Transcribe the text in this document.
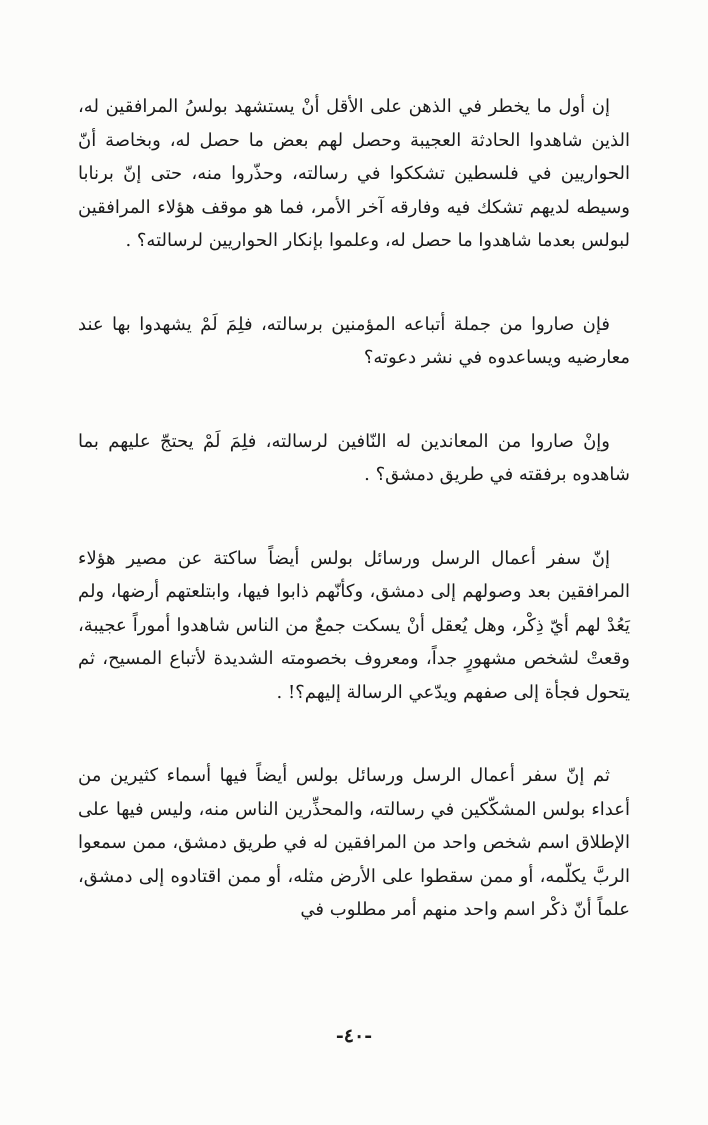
إن أول ما يخطر في الذهن على الأقل أنْ يستشهد بولسُ المرافقين له، الذين شاهدوا الحادثة العجيبة وحصل لهم بعض ما حصل له، وبخاصة أنّ الحواريين في فلسطين تشككوا في رسالته، وحذّروا منه، حتى إنّ برنابا وسيطه لديهم تشكك فيه وفارقه آخر الأمر، فما هو موقف هؤلاء المرافقين لبولس بعدما شاهدوا ما حصل له، وعلموا بإنكار الحواريين لرسالته؟ .

فإن صاروا من جملة أتباعه المؤمنين برسالته، فلِمَ لَمْ يشهدوا بها عند معارضيه ويساعدوه في نشر دعوته؟

وإنْ صاروا من المعاندين له النّافين لرسالته، فلِمَ لَمْ يحتجّ عليهم بما شاهدوه برفقته في طريق دمشق؟ .

إنّ سفر أعمال الرسل ورسائل بولس أيضاً ساكتة عن مصير هؤلاء المرافقين بعد وصولهم إلى دمشق، وكأنّهم ذابوا فيها، وابتلعتهم أرضها، ولم يَعُدْ لهم أيّ ذِكْر، وهل يُعقل أنْ يسكت جمعٌ من الناس شاهدوا أموراً عجيبة، وقعتْ لشخص مشهورٍ جداً، ومعروف بخصومته الشديدة لأتباع المسيح، ثم يتحول فجأة إلى صفهم ويدّعي الرسالة إليهم؟! .

ثم إنّ سفر أعمال الرسل ورسائل بولس أيضاً فيها أسماء كثيرين من أعداء بولس المشكّكين في رسالته، والمحذِّرين الناس منه، وليس فيها على الإطلاق اسم شخص واحد من المرافقين له في طريق دمشق، ممن سمعوا الربَّ يكلّمه، أو ممن سقطوا على الأرض مثله، أو ممن اقتادوه إلى دمشق، علماً أنّ ذكْر اسم واحد منهم أمر مطلوب في

-٤٠-
